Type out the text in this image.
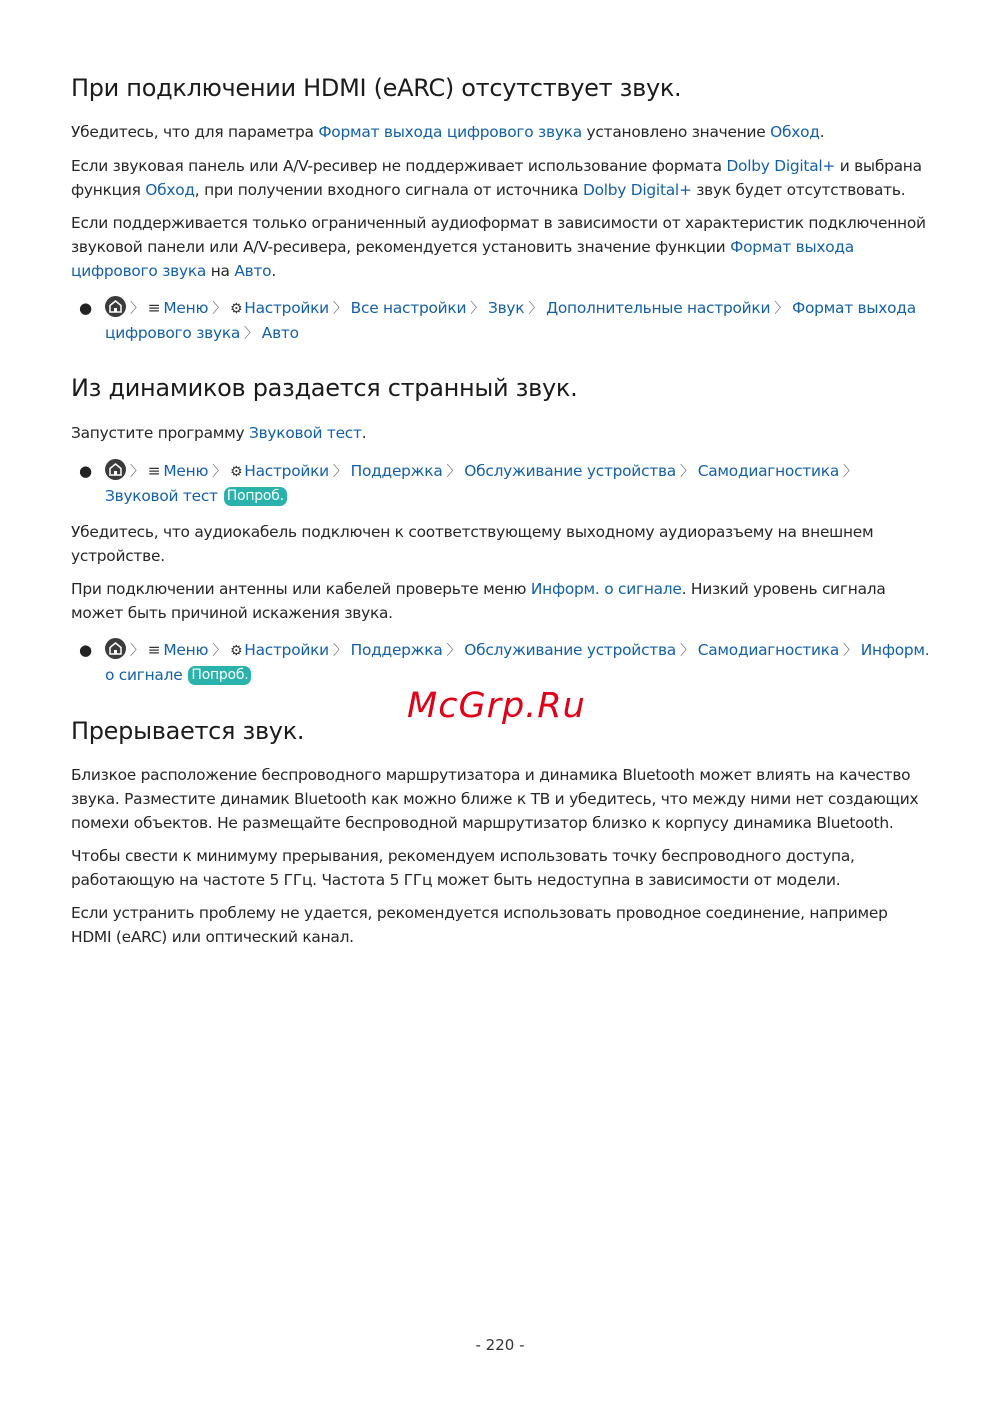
При подключении HDMI (eARC) отсутствует звук.

Убедитесь, что для параметра Формат выхода цифрового звука установлено значение Обход.

Если звуковая панель или A/V-ресивер не поддерживает использование формата Dolby Digital+ и выбрана функция Обход, при получении входного сигнала от источника Dolby Digital+ звук будет отсутствовать.

Если поддерживается только ограниченный аудиоформат в зависимости от характеристик подключенной звуковой панели или A/V-ресивера, рекомендуется установить значение функции Формат выхода цифрового звука на Авто.

●	〉 ≡ Меню 〉 ⚙ Настройки 〉 Все настройки 〉 Звук 〉 Дополнительные настройки 〉 Формат выхода цифрового звука 〉 Авто
Из динамиков раздается странный звук.

Запустите программу Звуковой тест.

●	〉 ≡ Меню 〉 ⚙ Настройки 〉 Поддержка 〉 Обслуживание устройства 〉 Самодиагностика 〉Звуковой тест Попроб.

Убедитесь, что аудиокабель подключен к соответствующему выходному аудиоразъему на внешнем устройстве.

При подключении антенны или кабелей проверьте меню Информ. о сигнале. Низкий уровень сигнала может быть причиной искажения звука.

●	〉 ≡ Меню 〉 ⚙ Настройки 〉 Поддержка 〉 Обслуживание устройства 〉 Самодиагностика 〉 Информ. о сигнале Попроб.
Прерывается звук.

Близкое расположение беспроводного маршрутизатора и динамика Bluetooth может влиять на качество звука. Разместите динамик Bluetooth как можно ближе к ТВ и убедитесь, что между ними нет создающих помехи объектов. Не размещайте беспроводной маршрутизатор близко к корпусу динамика Bluetooth.

Чтобы свести к минимуму прерывания, рекомендуем использовать точку беспроводного доступа, работающую на частоте 5 ГГц. Частота 5 ГГц может быть недоступна в зависимости от модели.

Если устранить проблему не удается, рекомендуется использовать проводное соединение, например HDMI (eARC) или оптический канал.

McGrp.Ru
- 220 -
